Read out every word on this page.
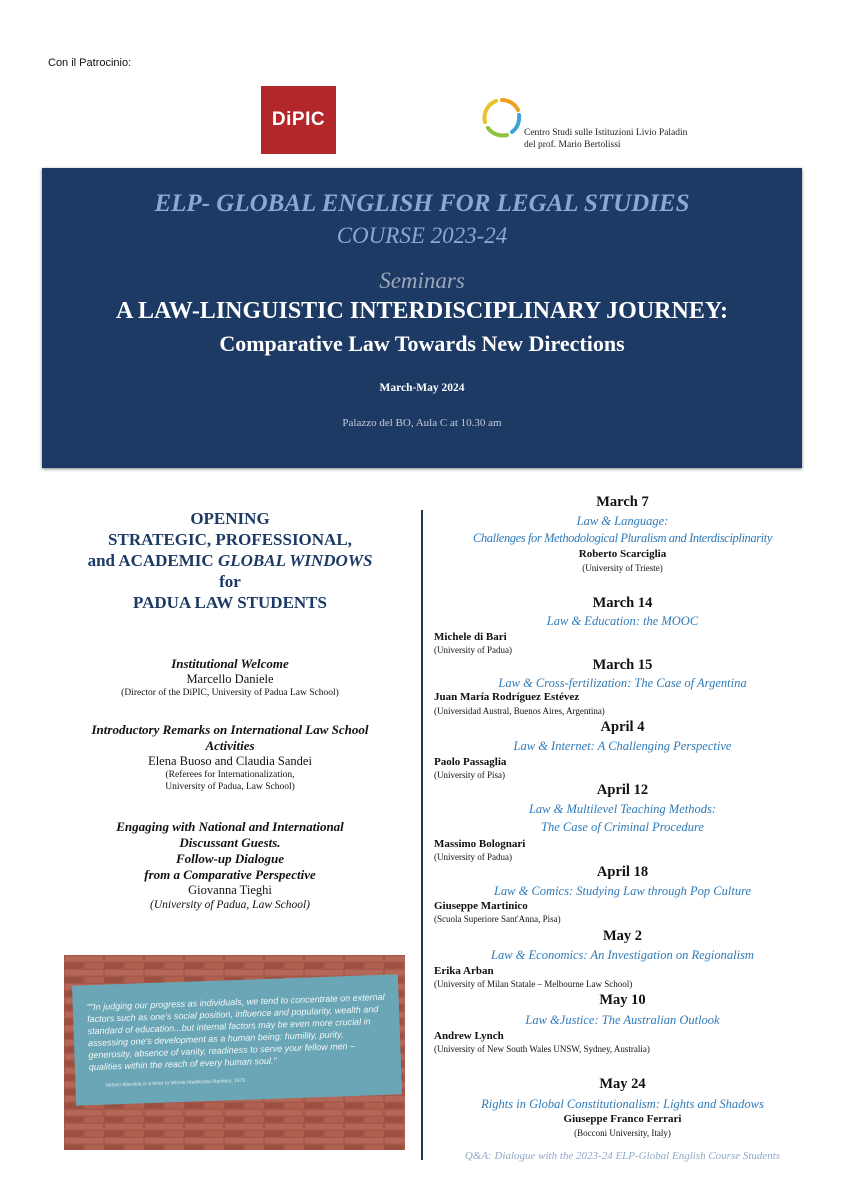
Con il Patrocinio:
DiPIC
Centro Studi sulle Istituzioni Livio Paladin
del prof. Mario Bertolissi
ELP- GLOBAL ENGLISH FOR LEGAL STUDIES
COURSE 2023-24
Seminars
A LAW-LINGUISTIC INTERDISCIPLINARY JOURNEY:
Comparative Law Towards New Directions
March-May 2024
Palazzo del BO, Aula C at 10.30 am
OPENING
STRATEGIC, PROFESSIONAL,
and ACADEMIC GLOBAL WINDOWS
for
PADUA LAW STUDENTS
Institutional Welcome
Marcello Daniele
(Director of the DiPIC, University of Padua Law School)
Introductory Remarks on International Law School
Activities
Elena Buoso and Claudia Sandei
(Referees for Internationalization,
University of Padua, Law School)
Engaging with National and International
Discussant Guests.
Follow-up Dialogue
from a Comparative Perspective
Giovanna Tieghi
(University of Padua, Law School)
""In judging our progress as individuals, we tend to concentrate on external factors such as one's social position, influence and popularity, wealth and standard of education...but internal factors may be even more crucial in assessing one's development as a human being: humility, purity, generosity, absence of vanity, readiness to serve your fellow men – qualities within the reach of every human soul."
Nelson Mandela in a letter to Winnie Madikizela Mandela, 1975
March 7
Law & Language:
Challenges for Methodological Pluralism and Interdisciplinarity
Roberto Scarciglia
(University of Trieste)
March 14
Law & Education: the MOOC
Michele di Bari
(University of Padua)
March 15
Law & Cross-fertilization: The Case of Argentina
Juan María Rodríguez Estévez
(Universidad Austral, Buenos Aires, Argentina)
April 4
Law & Internet: A Challenging Perspective
Paolo Passaglia
(University of Pisa)
April 12
Law & Multilevel Teaching Methods:
The Case of Criminal Procedure
Massimo Bolognari
(University of Padua)
April 18
Law & Comics: Studying Law through Pop Culture
Giuseppe Martinico
(Scuola Superiore Sant'Anna, Pisa)
May 2
Law & Economics: An Investigation on Regionalism
Erika Arban
(University of Milan Statale – Melbourne Law School)
May 10
Law &Justice: The Australian Outlook
Andrew Lynch
(University of New South Wales UNSW, Sydney, Australia)
May 24
Rights in Global Constitutionalism: Lights and Shadows
Giuseppe Franco Ferrari
(Bocconi University, Italy)
Q&A: Dialogue with the 2023-24 ELP-Global English Course Students
